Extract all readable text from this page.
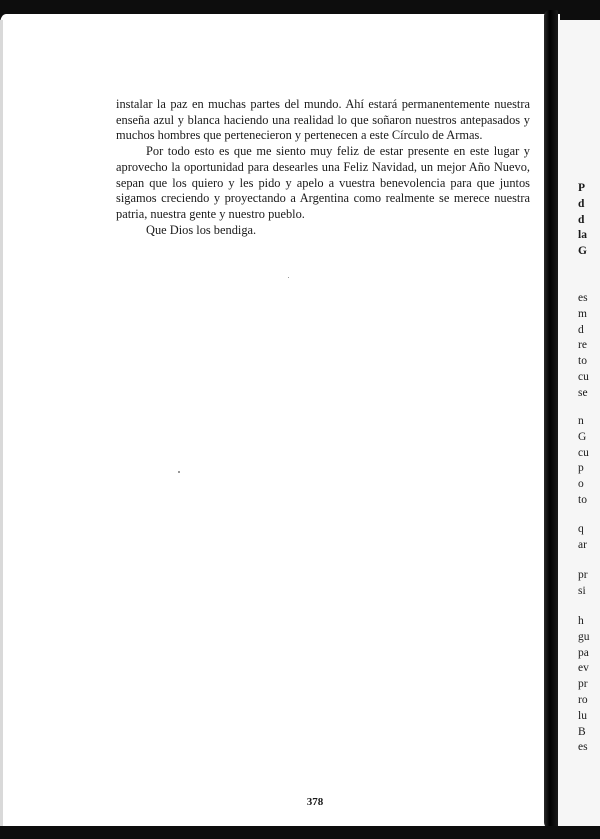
instalar la paz en muchas partes del mundo. Ahí estará permanentemente nuestra enseña azul y blanca haciendo una realidad lo que soñaron nuestros antepasados y muchos hombres que pertenecieron y pertenecen a este Círculo de Armas.

Por todo esto es que me siento muy feliz de estar presente en este lugar y aprovecho la oportunidad para desearles una Feliz Navidad, un mejor Año Nuevo, sepan que los quiero y les pido y apelo a vuestra benevolencia para que juntos sigamos creciendo y proyectando a Argentina como realmente se merece nuestra patria, nuestra gente y nuestro pueblo.

Que Dios los bendiga.

378
P
d
d
la
G
es
m
d
re
to
cu
se
n
G
cu
p
o
to
q
ar
pr
si
h
gu
pa
ev
pr
ro
lu
B
es
